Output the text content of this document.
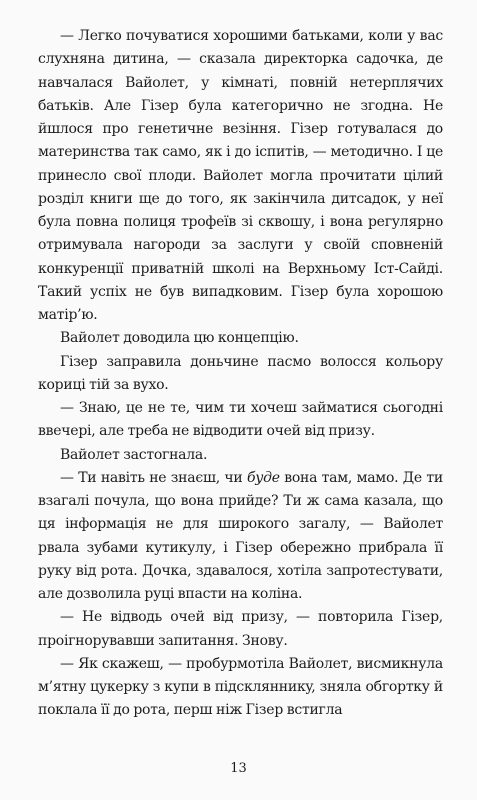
— Легко почуватися хорошими батьками, коли у вас слухняна дитина, — сказала директорка садочка, де навчалася Вайолет, у кімнаті, повній нетерплячих батьків. Але Гізер була категорично не згодна. Не йшлося про генетичне везіння. Гізер готувалася до материнства так само, як і до іспитів, — методично. І це принесло свої плоди. Вайолет могла прочитати цілий розділ книги ще до того, як закінчила дитсадок, у неї була повна полиця трофеїв зі сквошу, і вона регулярно отримувала нагороди за заслуги у своїй сповненій конкуренції приватній школі на Верхньому Іст-Сайді. Такий успіх не був випадковим. Гізер була хорошою матір’ю.

Вайолет доводила цю концепцію.

Гізер заправила доньчине пасмо волосся кольору кориці тій за вухо.

— Знаю, це не те, чим ти хочеш займатися сьогодні ввечері, але треба не відводити очей від призу.

Вайолет застогнала.

— Ти навіть не знаєш, чи буде вона там, мамо. Де ти взагалі почула, що вона прийде? Ти ж сама казала, що ця інформація не для широкого загалу, — Вайолет рвала зубами кутикулу, і Гізер обережно прибрала її руку від рота. Дочка, здавалося, хотіла запротестувати, але дозволила руці впасти на коліна.

— Не відводь очей від призу, — повторила Гізер, проігнорувавши запитання. Знову.

— Як скажеш, — пробурмотіла Вайолет, висмикнула м’ятну цукерку з купи в підсклянникy, зняла обгортку й поклала її до рота, перш ніж Гізер встигла

13
